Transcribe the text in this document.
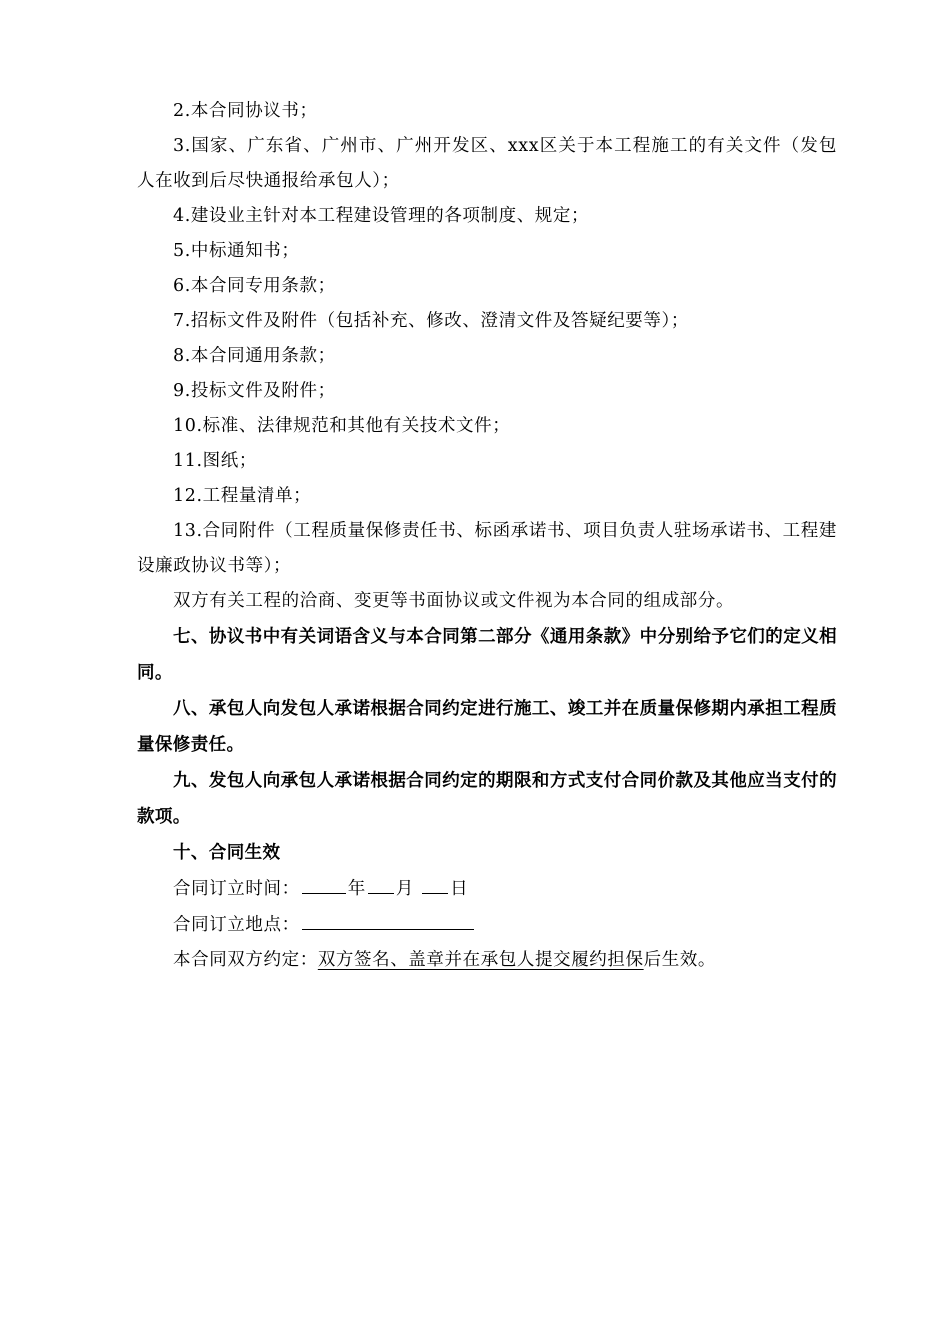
2.本合同协议书；

3.国家、广东省、广州市、广州开发区、xxx区关于本工程施工的有关文件（发包人在收到后尽快通报给承包人）；

4.建设业主针对本工程建设管理的各项制度、规定；

5.中标通知书；

6.本合同专用条款；

7.招标文件及附件（包括补充、修改、澄清文件及答疑纪要等）；

8.本合同通用条款；

9.投标文件及附件；

10.标准、法律规范和其他有关技术文件；

11.图纸；

12.工程量清单；

13.合同附件（工程质量保修责任书、标函承诺书、项目负责人驻场承诺书、工程建设廉政协议书等）；

双方有关工程的洽商、变更等书面协议或文件视为本合同的组成部分。

七、协议书中有关词语含义与本合同第二部分《通用条款》中分别给予它们的定义相同。

八、承包人向发包人承诺根据合同约定进行施工、竣工并在质量保修期内承担工程质量保修责任。

九、发包人向承包人承诺根据合同约定的期限和方式支付合同价款及其他应当支付的款项。

十、合同生效

合同订立时间：	年 月 日

合同订立地点：

本合同双方约定：双方签名、盖章并在承包人提交履约担保后生效。
